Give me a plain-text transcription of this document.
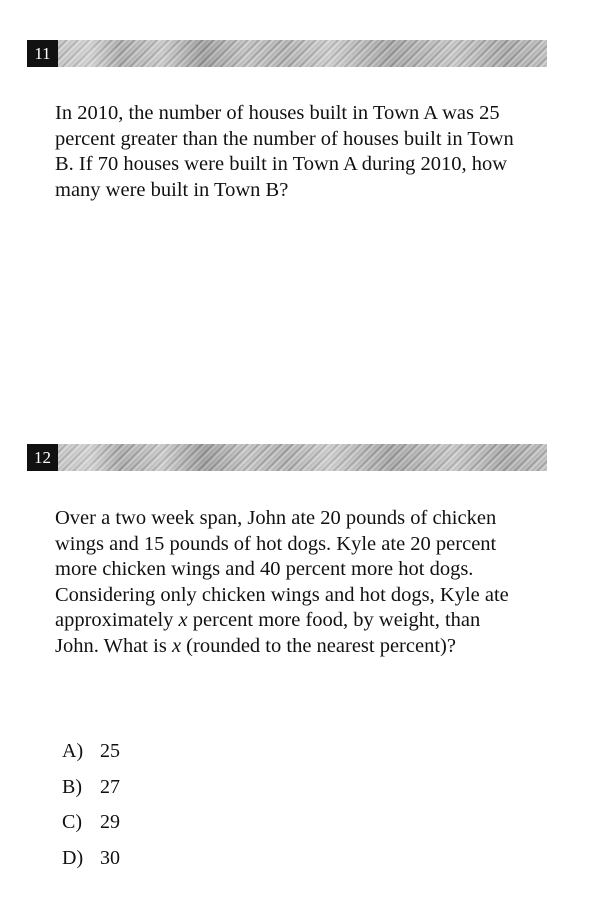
11

In 2010, the number of houses built in Town A was 25 percent greater than the number of houses built in Town B. If 70 houses were built in Town A during 2010, how many were built in Town B?

12

Over a two week span, John ate 20 pounds of chicken wings and 15 pounds of hot dogs. Kyle ate 20 percent more chicken wings and 40 percent more hot dogs. Considering only chicken wings and hot dogs, Kyle ate approximately x percent more food, by weight, than John. What is x (rounded to the nearest percent)?

A) 25
B) 27
C) 29
D) 30
